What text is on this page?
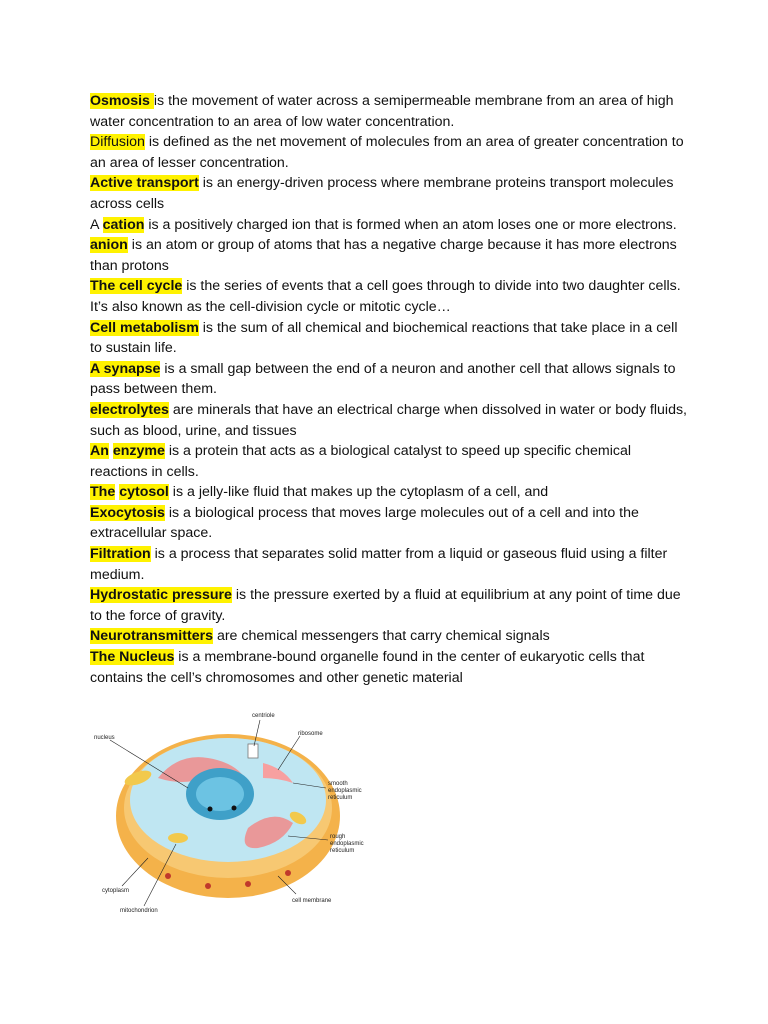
Osmosis is the movement of water across a semipermeable membrane from an area of high water concentration to an area of low water concentration.

Diffusion is defined as the net movement of molecules from an area of greater concentration to an area of lesser concentration.

Active transport is an energy-driven process where membrane proteins transport molecules across cells

A cation is a positively charged ion that is formed when an atom loses one or more electrons.

anion is an atom or group of atoms that has a negative charge because it has more electrons than protons

The cell cycle is the series of events that a cell goes through to divide into two daughter cells. It’s also known as the cell-division cycle or mitotic cycle…

Cell metabolism is the sum of all chemical and biochemical reactions that take place in a cell to sustain life.

A synapse is a small gap between the end of a neuron and another cell that allows signals to pass between them.

electrolytes are minerals that have an electrical charge when dissolved in water or body fluids, such as blood, urine, and tissues

An enzyme is a protein that acts as a biological catalyst to speed up specific chemical reactions in cells.

The cytosol is a jelly-like fluid that makes up the cytoplasm of a cell, and

Exocytosis is a biological process that moves large molecules out of a cell and into the extracellular space.

Filtration is a process that separates solid matter from a liquid or gaseous fluid using a filter medium.

Hydrostatic pressure is the pressure exerted by a fluid at equilibrium at any point of time due to the force of gravity.

Neurotransmitters are chemical messengers that carry chemical signals

The Nucleus is a membrane-bound organelle found in the center of eukaryotic cells that contains the cell’s chromosomes and other genetic material

centriole
ribosome
nucleus
smooth
endoplasmic
reticulum
rough
endoplasmic
reticulum
cytoplasm
mitochondrion
cell membrane
